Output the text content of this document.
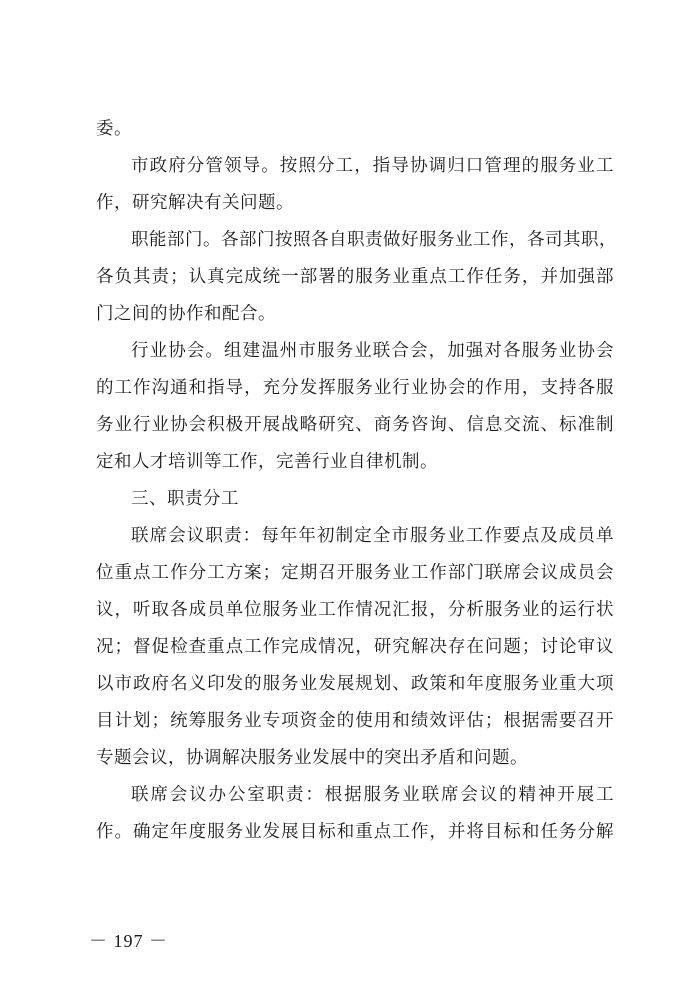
委。
市政府分管领导。按照分工，指导协调归口管理的服务业工
作，研究解决有关问题。
职能部门。各部门按照各自职责做好服务业工作，各司其职，
各负其责；认真完成统一部署的服务业重点工作任务，并加强部
门之间的协作和配合。
行业协会。组建温州市服务业联合会，加强对各服务业协会
的工作沟通和指导，充分发挥服务业行业协会的作用，支持各服
务业行业协会积极开展战略研究、商务咨询、信息交流、标准制
定和人才培训等工作，完善行业自律机制。
三、职责分工
联席会议职责：每年年初制定全市服务业工作要点及成员单
位重点工作分工方案；定期召开服务业工作部门联席会议成员会
议，听取各成员单位服务业工作情况汇报，分析服务业的运行状
况；督促检查重点工作完成情况，研究解决存在问题；讨论审议
以市政府名义印发的服务业发展规划、政策和年度服务业重大项
目计划；统筹服务业专项资金的使用和绩效评估；根据需要召开
专题会议，协调解决服务业发展中的突出矛盾和问题。
联席会议办公室职责：根据服务业联席会议的精神开展工
作。确定年度服务业发展目标和重点工作，并将目标和任务分解
－ 197 －
